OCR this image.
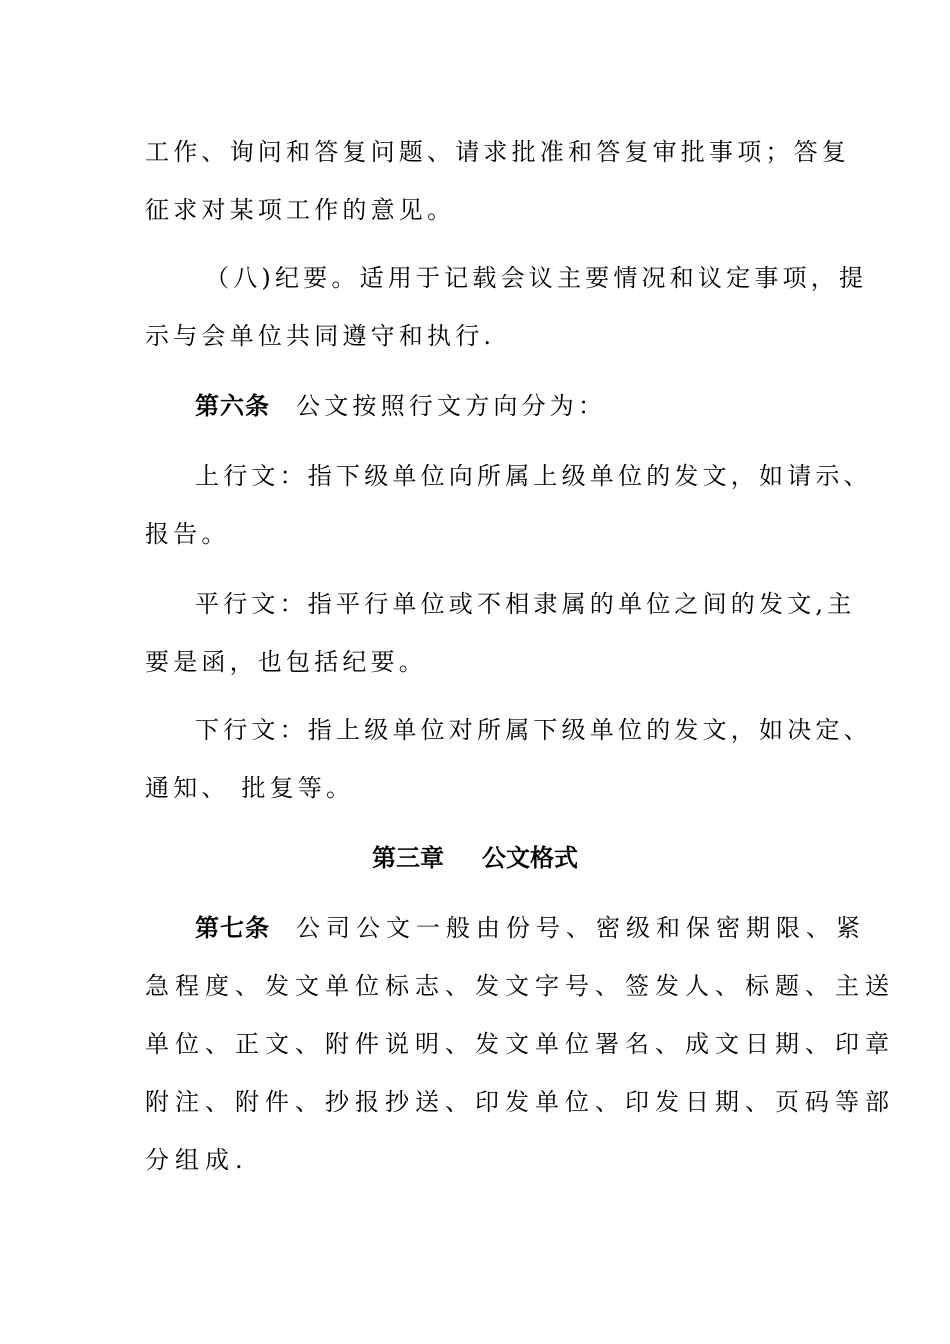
工作、询问和答复问题、请求批准和答复审批事项；答复
征求对某项工作的意见。
（八)纪要。适用于记载会议主要情况和议定事项，提
示与会单位共同遵守和执行.
第六条 公文按照行文方向分为：
上行文：指下级单位向所属上级单位的发文，如请示、
报告。
平行文：指平行单位或不相隶属的单位之间的发文,主
要是函，也包括纪要。
下行文：指上级单位对所属下级单位的发文，如决定、
通知、 批复等。
第三章 公文格式
第七条 公司公文一般由份号、密级和保密期限、紧
急程度、发文单位标志、发文字号、签发人、标题、主送
单位、正文、附件说明、发文单位署名、成文日期、印章
附注、附件、抄报抄送、印发单位、印发日期、页码等部
分组成.
